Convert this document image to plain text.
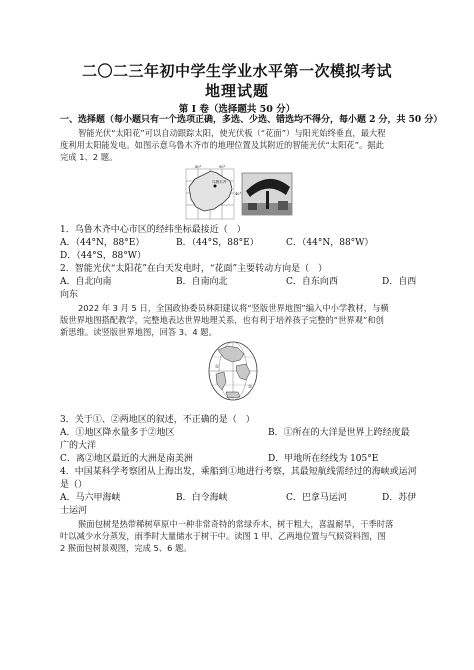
二〇二三年初中学生学业水平第一次模拟考试
地理试题
第 I 卷（选择题共 50 分）
一、选择题（每小题只有一个选项正确，多选、少选、错选均不得分，每小题 2 分，共 50 分）
智能光伏“太阳花”可以自动跟踪太阳，使光伏板（“花面”）与阳光始终垂直，最大程
度利用太阳能发电。如图示意乌鲁木齐市的地理位置及其附近的智能光伏“太阳花”。据此
完成 1、2 题。
乌鲁木齐
80°	90°
40°
1．乌鲁木齐中心市区的经纬坐标最接近（　）
A．（44°N，88°E）	B．（44°S，88°E）	C．（44°N，88°W）
D．（44°S，88°W）
2．智能光伏“太阳花”在白天发电时，“花面”主要转动方向是（　）
A．自北向南	B．自南向北	C．自东向西	D．自西
向东
2022 年 3 月 5 日，全国政协委员林阳建议将“竖版世界地图”编入中小学教材，与横
版世界地图搭配教学，完整地表达世界地理关系，也有利于培养孩子完整的“世界观”和创
新思维。读竖版世界地图，回答 3、4 题。
①
②
3．关于①、②两地区的叙述，不正确的是（　）
A．①地区降水量多于②地区	B．①所在的大洋是世界上跨经度最
广的大洋
C．离②地区最近的大洲是南美洲	D．甲地所在经线为 105°E
4．中国某科学考察团从上海出发，乘船到①地进行考察，其最短航线需经过的海峡或运河
是（）
A．马六甲海峡	B．白令海峡	C．巴拿马运河	D．苏伊
士运河
猴面包树是热带稀树草原中一种非常奇特的常绿乔木，树干粗大，喜温耐旱，干季时落
叶以减少水分蒸发，雨季时大量储水于树干中。读图 1 甲、乙两地位置与气候资料图，图
2 猴面包树景观图，完成 5、6 题。
